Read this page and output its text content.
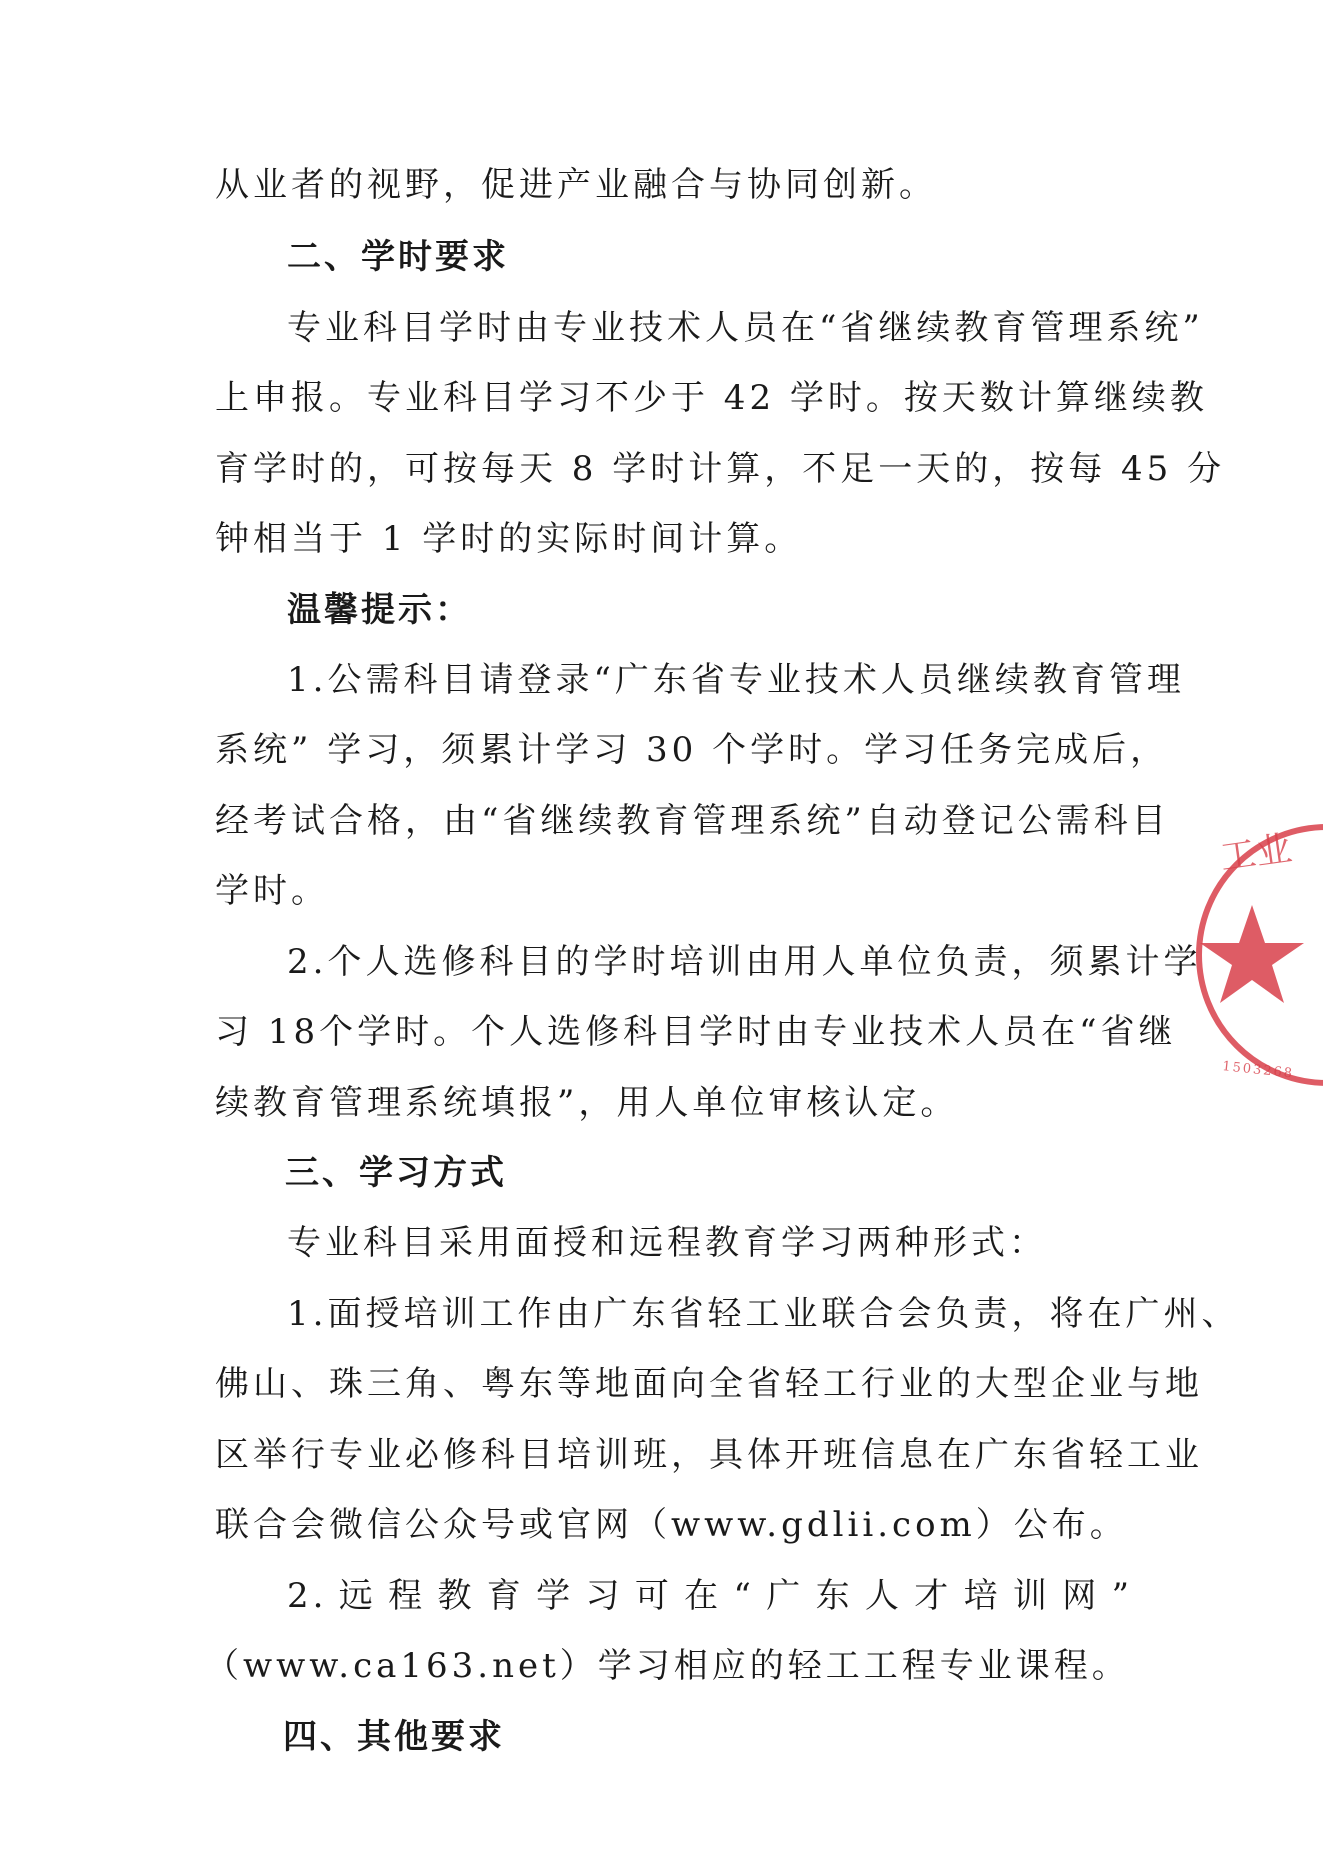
从业者的视野，促进产业融合与协同创新。
二、学时要求
专业科目学时由专业技术人员在“省继续教育管理系统”
上申报。专业科目学习不少于 42 学时。按天数计算继续教
育学时的，可按每天 8 学时计算，不足一天的，按每 45 分
钟相当于 1 学时的实际时间计算。
温馨提示：
1.公需科目请登录“广东省专业技术人员继续教育管理
系统” 学习，须累计学习 30 个学时。学习任务完成后，
经考试合格，由“省继续教育管理系统”自动登记公需科目
学时。
2.个人选修科目的学时培训由用人单位负责，须累计学
习 18个学时。个人选修科目学时由专业技术人员在“省继
续教育管理系统填报”，用人单位审核认定。
三、学习方式
专业科目采用面授和远程教育学习两种形式：
1.面授培训工作由广东省轻工业联合会负责，将在广州、
佛山、珠三角、粤东等地面向全省轻工行业的大型企业与地
区举行专业必修科目培训班，具体开班信息在广东省轻工业
联合会微信公众号或官网（www.gdlii.com）公布。
2.远程教育学习可在“广东人才培训网”
（www.ca163.net）学习相应的轻工工程专业课程。
四、其他要求
工业
1503268
